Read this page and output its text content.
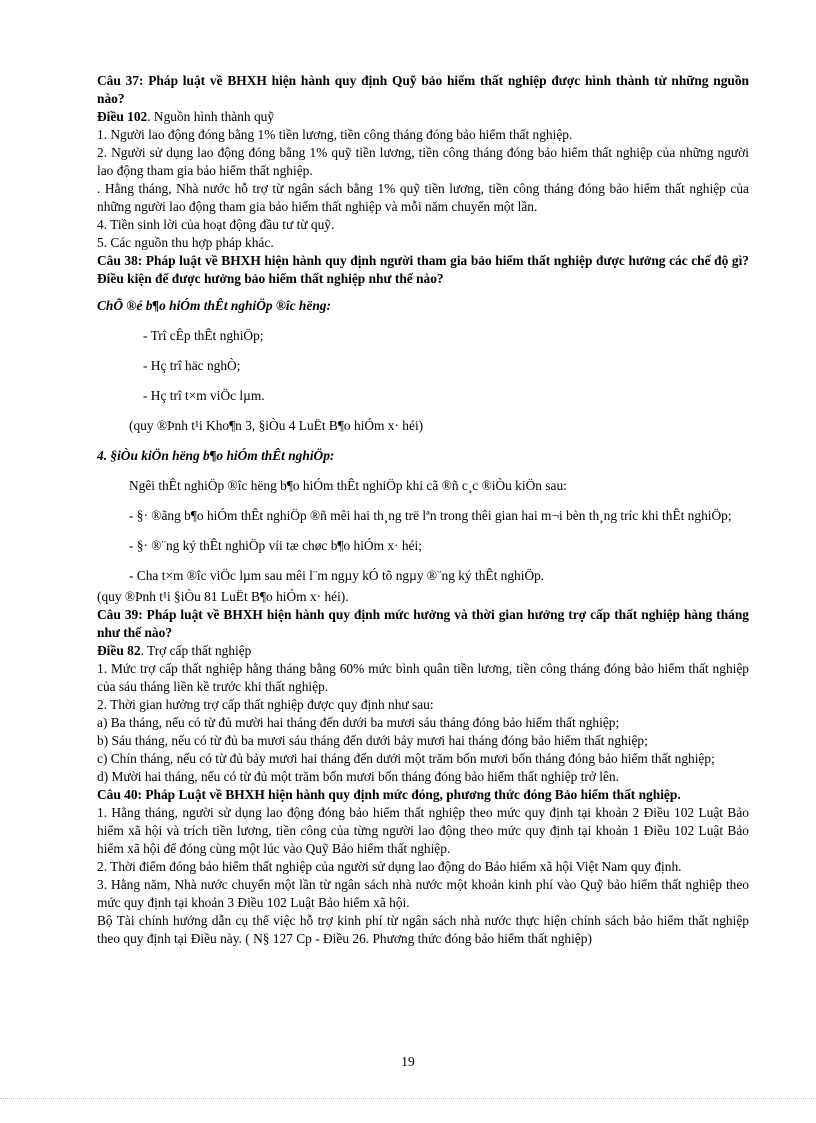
Câu 37: Pháp luật về BHXH hiện hành quy định Quỹ bảo hiểm thất nghiệp được hình thành từ những nguồn nào?

Điều 102. Nguồn hình thành quỹ

1. Người lao động đóng bằng 1% tiền lương, tiền công tháng đóng bảo hiểm thất nghiệp.

2. Người sử dụng lao động đóng bằng 1% quỹ tiền lương, tiền công tháng đóng bảo hiểm thất nghiệp của những người lao động tham gia bảo hiểm thất nghiệp.

. Hằng tháng, Nhà nước hỗ trợ từ ngân sách bằng 1% quỹ tiền lương, tiền công tháng đóng bảo hiểm thất nghiệp của những người lao động tham gia bảo hiểm thất nghiệp và mỗi năm chuyển một lần.

4. Tiền sinh lời của hoạt động đầu tư từ quỹ.

5. Các nguồn thu hợp pháp khác.

Câu 38: Pháp luật về BHXH hiện hành quy định người tham gia bảo hiểm thất nghiệp được hưởng các chế độ gì? Điều kiện để được hưởng bảo hiểm thất nghiệp như thế nào?

ChÕ ®é b¶o hiÓm thÊt nghiÖp ®îc hëng:

- Trî cÊp thÊt nghiÖp;

- Hç trî häc nghÒ;

- Hç trî t×m viÖc lµm.

(quy ®Þnh t¹i Kho¶n 3, §iÒu 4 LuËt B¶o hiÓm x· héi)

4. §iÒu kiÖn hëng b¶o hiÓm thÊt nghiÖp:

Ngêi thÊt nghiÖp ®îc hëng b¶o hiÓm thÊt nghiÖp khi cã ®ñ c¸c ®iÒu kiÖn sau:

- §· ®ãng b¶o hiÓm thÊt nghiÖp ®ñ mêi hai th¸ng trë lªn trong thêi gian hai m¬i bèn th¸ng tríc khi thÊt nghiÖp;

- §· ®¨ng ký thÊt nghiÖp víi tæ chøc b¶o hiÓm x· héi;

- Cha t×m ®îc viÖc lµm sau mêi l¨m ngµy kÓ tõ ngµy ®¨ng ký thÊt nghiÖp.

(quy ®Þnh t¹i §iÒu 81 LuËt B¶o hiÓm x· héi).

Câu 39: Pháp luật về BHXH hiện hành quy định mức hưởng và thời gian hưởng trợ cấp thất nghiệp hàng tháng như thế nào?

Điều 82. Trợ cấp thất nghiệp

1. Mức trợ cấp thất nghiệp hằng tháng bằng 60% mức bình quân tiền lương, tiền công tháng đóng bảo hiểm thất nghiệp của sáu tháng liền kề trước khi thất nghiệp.

2. Thời gian hưởng trợ cấp thất nghiệp được quy định như sau:

a) Ba tháng, nếu có từ đủ mười hai tháng đến dưới ba mươi sáu tháng đóng bảo hiểm thất nghiệp;

b) Sáu tháng, nếu có từ đủ ba mươi sáu tháng đến dưới bảy mươi hai tháng đóng bảo hiểm thất nghiệp;

c) Chín tháng, nếu có từ đủ bảy mươi hai tháng đến dưới một trăm bốn mươi bốn tháng đóng bảo hiểm thất nghiệp;

d) Mười hai tháng, nếu có từ đủ một trăm bốn mươi bốn tháng đóng bảo hiểm thất nghiệp trở lên.

Câu 40: Pháp Luật về BHXH hiện hành quy định mức đóng, phương thức đóng Bảo hiểm thất nghiệp.

1. Hằng tháng, người sử dụng lao động đóng bảo hiểm thất nghiệp theo mức quy định tại khoản 2 Điều 102 Luật Bảo hiểm xã hội và trích tiền lương, tiền công của từng người lao động theo mức quy định tại khoản 1 Điều 102 Luật Bảo hiểm xã hội để đóng cùng một lúc vào Quỹ Bảo hiểm thất nghiệp.

2. Thời điểm đóng bảo hiểm thất nghiệp của người sử dụng lao động do Bảo hiểm xã hội Việt Nam quy định.

3. Hằng năm, Nhà nước chuyển một lần từ ngân sách nhà nước một khoản kinh phí vào Quỹ bảo hiểm thất nghiệp theo mức quy định tại khoản 3 Điều 102 Luật Bảo hiểm xã hội.

Bộ Tài chính hướng dẫn cụ thể việc hỗ trợ kinh phí từ ngân sách nhà nước thực hiện chính sách bảo hiểm thất nghiệp theo quy định tại Điều này. ( N§ 127 Cp - Điều 26. Phương thức đóng bảo hiểm thất nghiệp)

19
